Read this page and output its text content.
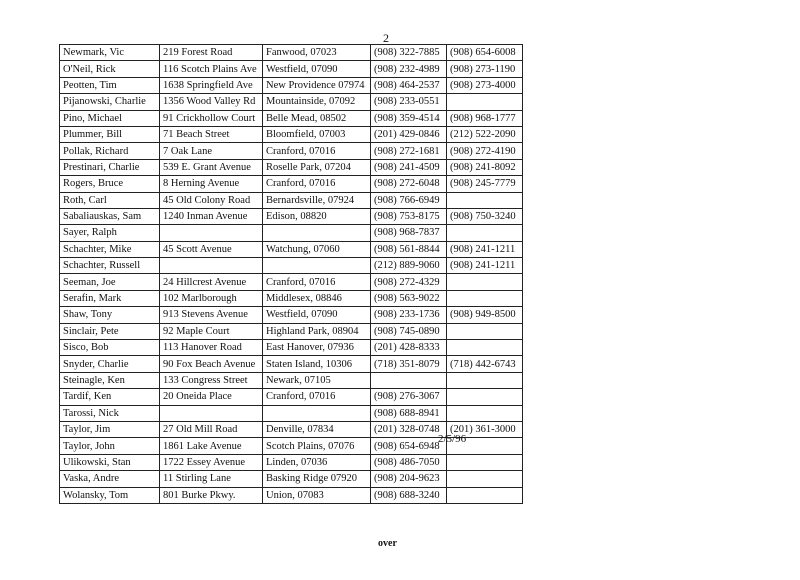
2
Newmark, Vic	219 Forest Road	Fanwood, 07023	(908) 322-7885	(908) 654-6008
O'Neil, Rick	116 Scotch Plains Ave	Westfield, 07090	(908) 232-4989	(908) 273-1190
Peotten, Tim	1638 Springfield Ave	New Providence 07974	(908) 464-2537	(908) 273-4000
Pijanowski, Charlie	1356 Wood Valley Rd	Mountainside, 07092	(908) 233-0551	
Pino, Michael	91 Crickhollow Court	Belle Mead, 08502	(908) 359-4514	(908) 968-1777
Plummer, Bill	71 Beach Street	Bloomfield, 07003	(201) 429-0846	(212) 522-2090
Pollak, Richard	7 Oak Lane	Cranford, 07016	(908) 272-1681	(908) 272-4190
Prestinari, Charlie	539 E. Grant Avenue	Roselle Park, 07204	(908) 241-4509	(908) 241-8092
Rogers, Bruce	8 Herning Avenue	Cranford, 07016	(908) 272-6048	(908) 245-7779
Roth, Carl	45 Old Colony Road	Bernardsville, 07924	(908) 766-6949	
Sabaliauskas, Sam	1240 Inman Avenue	Edison, 08820	(908) 753-8175	(908) 750-3240
Sayer, Ralph			(908) 968-7837	
Schachter, Mike	45 Scott Avenue	Watchung, 07060	(908) 561-8844	(908) 241-1211
Schachter, Russell			(212) 889-9060	(908) 241-1211
Seeman, Joe	24 Hillcrest Avenue	Cranford, 07016	(908) 272-4329	
Serafin, Mark	102 Marlborough	Middlesex, 08846	(908) 563-9022	
Shaw, Tony	913 Stevens Avenue	Westfield, 07090	(908) 233-1736	(908) 949-8500
Sinclair, Pete	92 Maple Court	Highland Park, 08904	(908) 745-0890	
Sisco, Bob	113 Hanover Road	East Hanover, 07936	(201) 428-8333	
Snyder, Charlie	90 Fox Beach Avenue	Staten Island, 10306	(718) 351-8079	(718) 442-6743
Steinagle, Ken	133 Congress Street	Newark, 07105		
Tardif, Ken	20 Oneida Place	Cranford, 07016	(908) 276-3067	
Tarossi, Nick			(908) 688-8941	
Taylor, Jim	27 Old Mill Road	Denville, 07834	(201) 328-0748	(201) 361-3000
Taylor, John	1861 Lake Avenue	Scotch Plains, 07076	(908) 654-6948	
Ulikowski, Stan	1722 Essey Avenue	Linden, 07036	(908) 486-7050	
Vaska, Andre	11 Stirling Lane	Basking Ridge 07920	(908) 204-9623	
Wolansky, Tom	801 Burke Pkwy.	Union, 07083	(908) 688-3240	
2/5/96
over
